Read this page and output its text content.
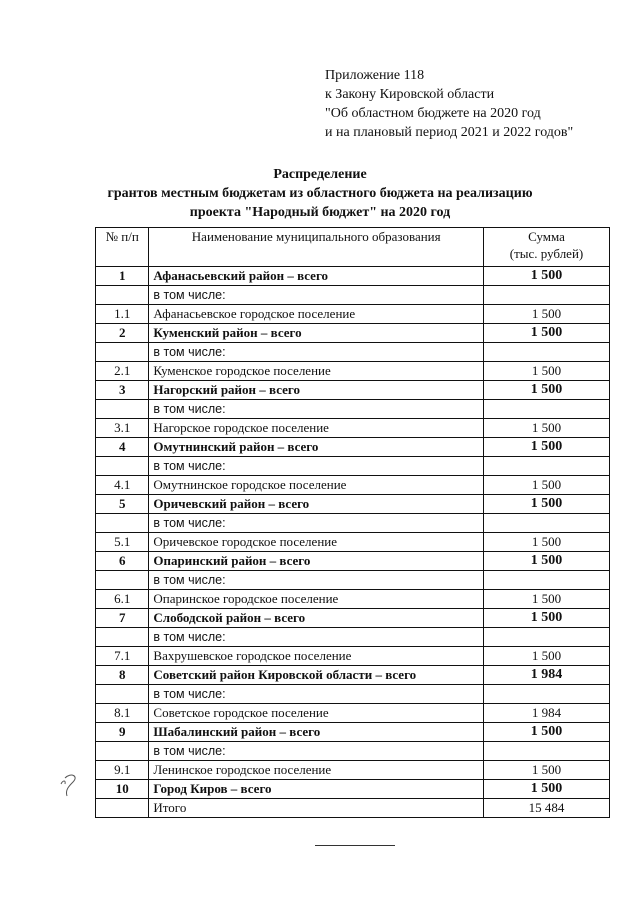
Приложение 118
к Закону Кировской области
"Об областном бюджете на 2020 год
и на плановый период 2021 и 2022 годов"
Распределение
грантов местным бюджетам из областного бюджета на реализацию
проекта "Народный бюджет" на 2020 год
№ п/п	Наименование муниципального образования	Сумма
(тыс. рублей)

1	Афанасьевский район – всего	1 500
	в том числе:	
1.1	Афанасьевское городское поселение	1 500
2	Куменский район – всего	1 500
	в том числе:	
2.1	Куменское городское поселение	1 500
3	Нагорский район – всего	1 500
	в том числе:	
3.1	Нагорское городское поселение	1 500
4	Омутнинский район – всего	1 500
	в том числе:	
4.1	Омутнинское городское поселение	1 500
5	Оричевский район – всего	1 500
	в том числе:	
5.1	Оричевское городское поселение	1 500
6	Опаринский район – всего	1 500
	в том числе:	
6.1	Опаринское городское поселение	1 500
7	Слободской район – всего	1 500
	в том числе:	
7.1	Вахрушевское городское поселение	1 500
8	Советский район Кировской области – всего	1 984
	в том числе:	
8.1	Советское городское поселение	1 984
9	Шабалинский район – всего	1 500
	в том числе:	
9.1	Ленинское городское поселение	1 500
10	Город Киров – всего	1 500
	Итого	15 484
